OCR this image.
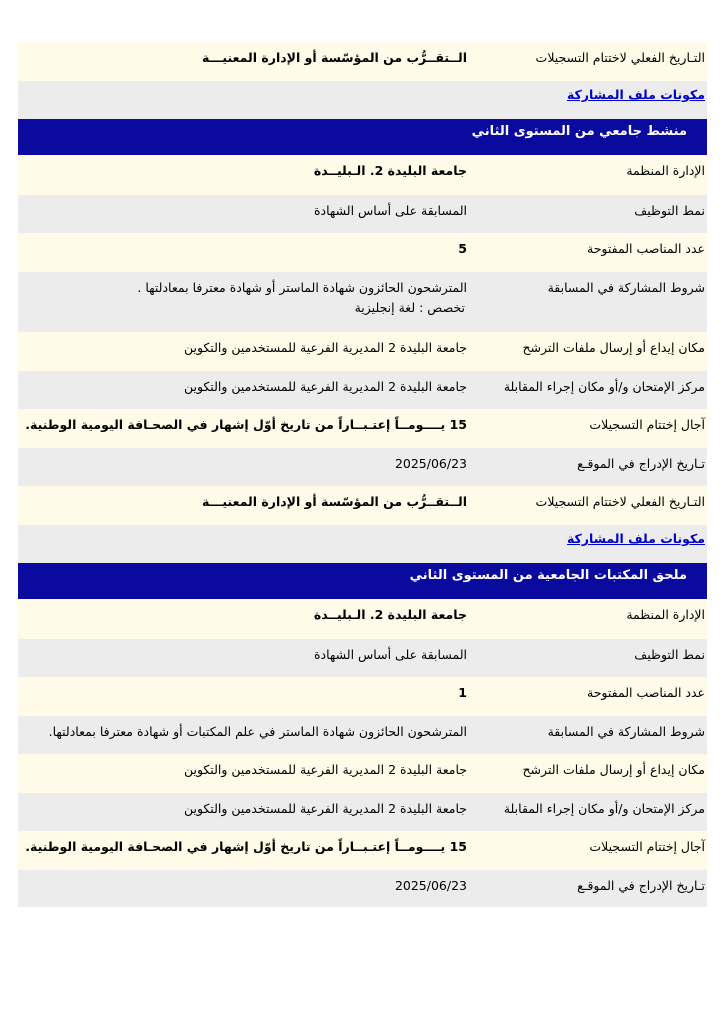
التـاريخ الفعلي لاختتام التسجيلات
الــتقــرُّب من المؤسّسة أو الإدارة المعنيـــة
مكونات ملف المشاركة
منشط جامعي من المستوى الثاني
الإدارة المنظمة
جامعة البليدة 2. الـبليــدة
نمط التوظيف
المسابقة على أساس الشهادة
عدد المناصب المفتوحة
5
شروط المشاركة في المسابقة
المترشحون الحائزون شهادة الماستر أو شهادة معترفا بمعادلتها .
تخصص : لغة إنجليزية
مكان إيداع أو إرسال ملفات الترشح
جامعة البليدة 2 المديرية الفرعية للمستخدمين والتكوين
مركز الإمتحان و/أو مكان إجراء المقابلة
جامعة البليدة 2 المديرية الفرعية للمستخدمين والتكوين
آجال إختتام التسجيلات
15 يــــومــاً إعتـبــاراً من تاريخ أوّل إشهار في الصحـافة اليومية الوطنية.
تـاريخ الإدراج في الموقـع
2025/06/23
التـاريخ الفعلي لاختتام التسجيلات
الــتقــرُّب من المؤسّسة أو الإدارة المعنيـــة
مكونات ملف المشاركة
ملحق المكتبات الجامعية من المستوى الثاني
الإدارة المنظمة
جامعة البليدة 2. الـبليــدة
نمط التوظيف
المسابقة على أساس الشهادة
عدد المناصب المفتوحة
1
شروط المشاركة في المسابقة
المترشحون الحائزون شهادة الماستر في علم المكتبات أو شهادة معترفا بمعادلتها.
مكان إيداع أو إرسال ملفات الترشح
جامعة البليدة 2 المديرية الفرعية للمستخدمين والتكوين
مركز الإمتحان و/أو مكان إجراء المقابلة
جامعة البليدة 2 المديرية الفرعية للمستخدمين والتكوين
آجال إختتام التسجيلات
15 يــــومــاً إعتـبــاراً من تاريخ أوّل إشهار في الصحـافة اليومية الوطنية.
تـاريخ الإدراج في الموقـع
2025/06/23
